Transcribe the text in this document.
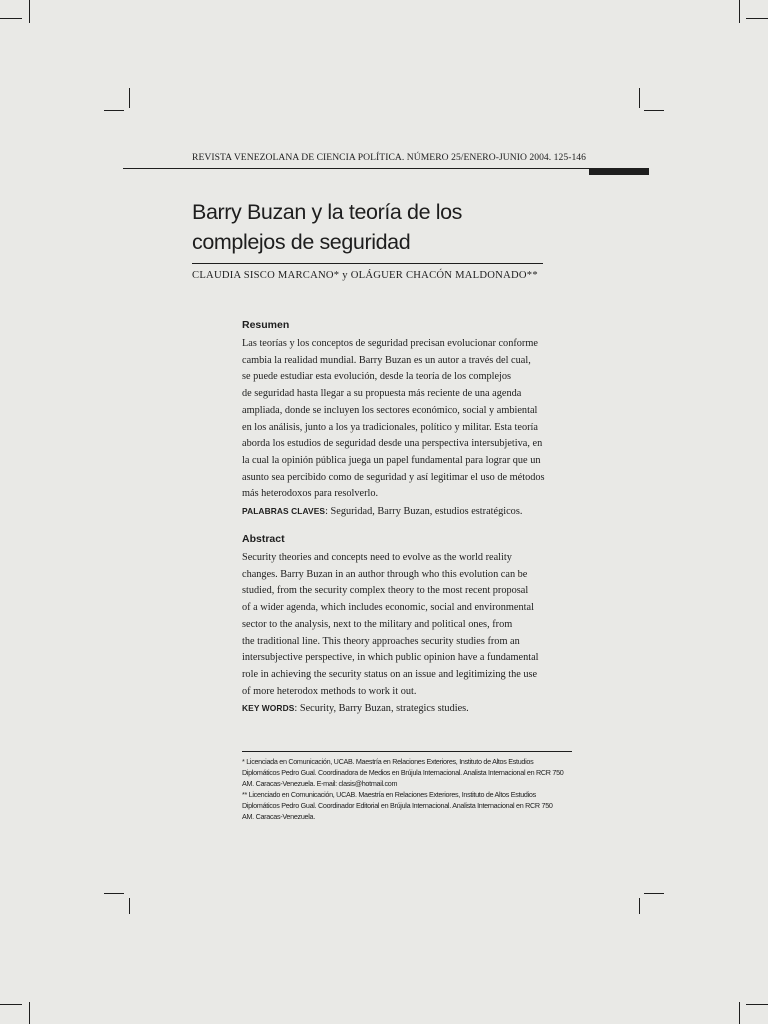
REVISTA VENEZOLANA DE CIENCIA POLÍTICA. NÚMERO 25/ENERO-JUNIO 2004. 125-146
Barry Buzan y la teoría de los
complejos de seguridad
CLAUDIA SISCO MARCANO* y OLÁGUER CHACÓN MALDONADO**
Resumen
Las teorías y los conceptos de seguridad precisan evolucionar conforme
cambia la realidad mundial. Barry Buzan es un autor a través del cual,
se puede estudiar esta evolución, desde la teoría de los complejos
de seguridad hasta llegar a su propuesta más reciente de una agenda
ampliada, donde se incluyen los sectores económico, social y ambiental
en los análisis, junto a los ya tradicionales, político y militar. Esta teoría
aborda los estudios de seguridad desde una perspectiva intersubjetiva, en
la cual la opinión pública juega un papel fundamental para lograr que un
asunto sea percibido como de seguridad y así legitimar el uso de métodos
más heterodoxos para resolverlo.
PALABRAS CLAVES: Seguridad, Barry Buzan, estudios estratégicos.
Abstract
Security theories and concepts need to evolve as the world reality
changes. Barry Buzan in an author through who this evolution can be
studied, from the security complex theory to the most recent proposal
of a wider agenda, which includes economic, social and environmental
sector to the analysis, next to the military and political ones, from
the traditional line. This theory approaches security studies from an
intersubjective perspective, in which public opinion have a fundamental
role in achieving the security status on an issue and legitimizing the use
of more heterodox methods to work it out.
KEY WORDS: Security, Barry Buzan, strategics studies.
* Licenciada en Comunicación, UCAB. Maestría en Relaciones Exteriores, Instituto de Altos Estudios
Diplomáticos Pedro Gual. Coordinadora de Medios en Brújula Internacional. Analista Internacional en RCR 750
AM. Caracas-Venezuela. E-mail: clasis@hotmail.com
** Licenciado en Comunicación, UCAB. Maestría en Relaciones Exteriores, Instituto de Altos Estudios
Diplomáticos Pedro Gual. Coordinador Editorial en Brújula Internacional. Analista Internacional en RCR 750
AM. Caracas-Venezuela.
